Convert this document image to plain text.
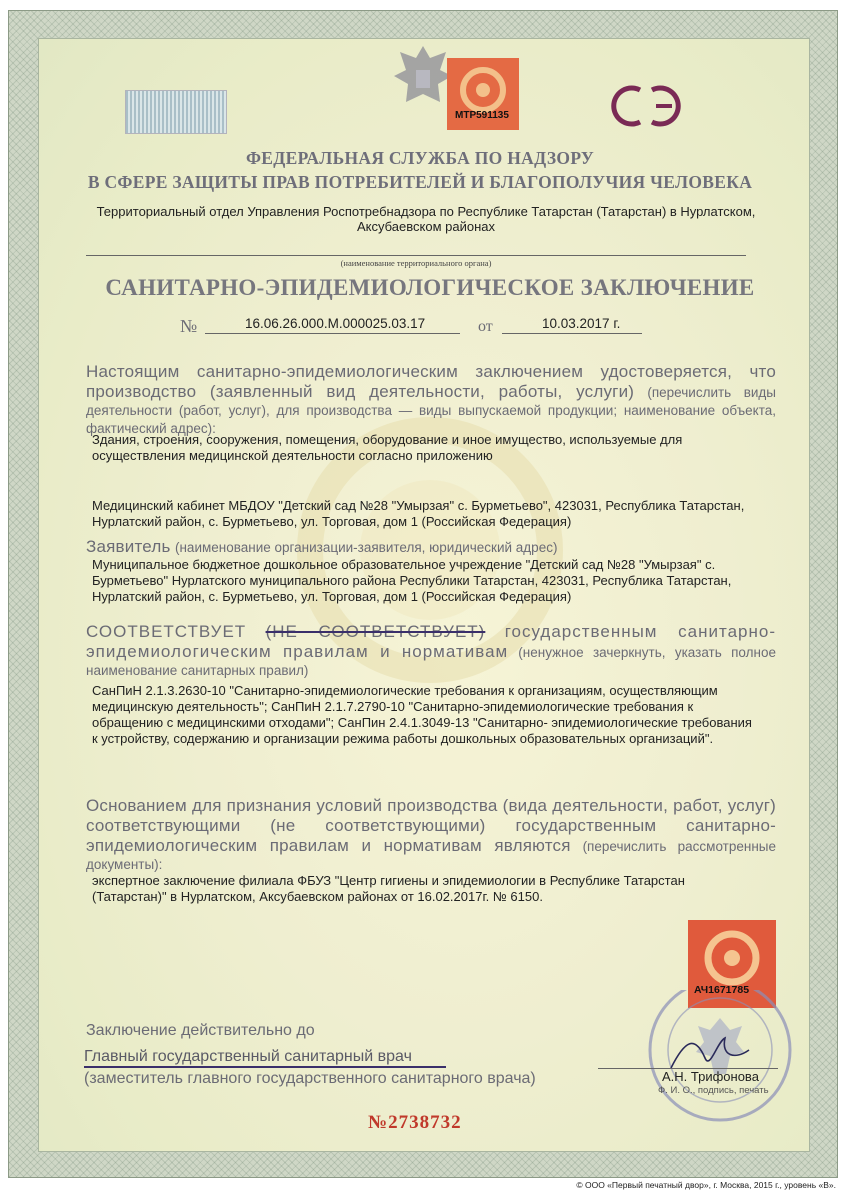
МТР591135
ФЕДЕРАЛЬНАЯ СЛУЖБА ПО НАДЗОРУ
В СФЕРЕ ЗАЩИТЫ ПРАВ ПОТРЕБИТЕЛЕЙ И БЛАГОПОЛУЧИЯ ЧЕЛОВЕКА
Территориальный отдел Управления Роспотребнадзора по Республике Татарстан (Татарстан) в Нурлатском, Аксубаевском районах
(наименование территориального органа)
САНИТАРНО-ЭПИДЕМИОЛОГИЧЕСКОЕ ЗАКЛЮЧЕНИЕ
№	16.06.26.000.М.000025.03.17	от	10.03.2017 г.
Настоящим санитарно-эпидемиологическим заключением удостоверяется, что производство (заявленный вид деятельности, работы, услуги) (перечислить виды деятельности (работ, услуг), для производства — виды выпускаемой продукции; наименование объекта, фактический адрес):
Здания, строения, сооружения, помещения, оборудование и иное имущество, используемые для осуществления медицинской деятельности согласно приложению
Медицинский кабинет МБДОУ "Детский сад №28 "Умырзая" с. Бурметьево", 423031, Республика Татарстан, Нурлатский район, с. Бурметьево, ул. Торговая, дом 1 (Российская Федерация)
Заявитель (наименование организации-заявителя, юридический адрес)
Муниципальное бюджетное дошкольное образовательное учреждение "Детский сад №28 "Умырзая" с. Бурметьево" Нурлатского муниципального района Республики Татарстан, 423031, Республика Татарстан, Нурлатский район, с. Бурметьево, ул. Торговая, дом 1 (Российская Федерация)
СООТВЕТСТВУЕТ (НЕ СООТВЕТСТВУЕТ) государственным санитарно-эпидемиологическим правилам и нормативам (ненужное зачеркнуть, указать полное наименование санитарных правил)
СанПиН 2.1.3.2630-10 "Санитарно-эпидемиологические требования к организациям, осуществляющим медицинскую деятельность"; СанПиН 2.1.7.2790-10 "Санитарно-эпидемиологические требования к обращению с медицинскими отходами"; СанПин 2.4.1.3049-13 "Санитарно- эпидемиологические требования к устройству, содержанию и организации режима работы дошкольных образовательных организаций".
Основанием для признания условий производства (вида деятельности, работ, услуг) соответствующими (не соответствующими) государственным санитарно-эпидемиологическим правилам и нормативам являются (перечислить рассмотренные документы):
экспертное заключение филиала ФБУЗ "Центр гигиены и эпидемиологии в Республике Татарстан (Татарстан)" в Нурлатском, Аксубаевском районах от 16.02.2017г. № 6150.
АЧ1671785
Заключение действительно до
Главный государственный санитарный врач
(заместитель главного государственного санитарного врача)	А.Н. Трифонова
Ф. И. О., подпись, печать
№2738732
© ООО «Первый печатный двор», г. Москва, 2015 г., уровень «В».
